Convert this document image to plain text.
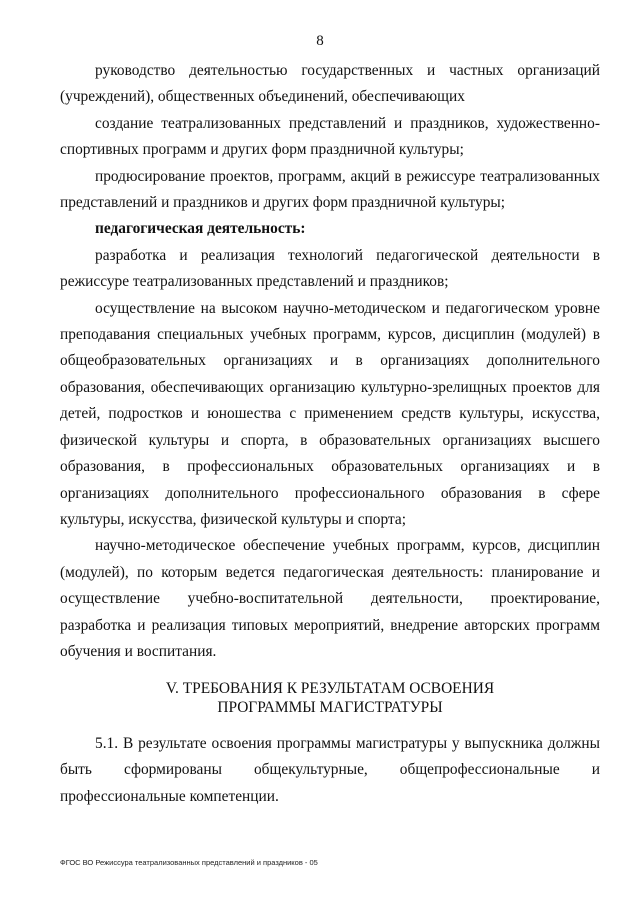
8

руководство деятельностью государственных и частных организаций (учреждений), общественных объединений, обеспечивающих

создание театрализованных представлений и праздников, художественно-спортивных программ и других форм праздничной культуры;

продюсирование проектов, программ, акций в режиссуре театрализованных представлений и праздников и других форм праздничной культуры;

педагогическая деятельность:

разработка и реализация технологий педагогической деятельности в режиссуре театрализованных представлений и праздников;

осуществление на высоком научно-методическом и педагогическом уровне преподавания специальных учебных программ, курсов, дисциплин (модулей) в общеобразовательных организациях и в организациях дополнительного образования, обеспечивающих организацию культурно-зрелищных проектов для детей, подростков и юношества с применением средств культуры, искусства, физической культуры и спорта, в образовательных организациях высшего образования, в профессиональных образовательных организациях и в организациях дополнительного профессионального образования в сфере культуры, искусства, физической культуры и спорта;

научно-методическое обеспечение учебных программ, курсов, дисциплин (модулей), по которым ведется педагогическая деятельность: планирование и осуществление учебно-воспитательной деятельности, проектирование, разработка и реализация типовых мероприятий, внедрение авторских программ обучения и воспитания.

V. ТРЕБОВАНИЯ К РЕЗУЛЬТАТАМ ОСВОЕНИЯ
ПРОГРАММЫ МАГИСТРАТУРЫ

5.1. В результате освоения программы магистратуры у выпускника должны быть сформированы общекультурные, общепрофессиональные и профессиональные компетенции.

ФГОС ВО Режиссура театрализованных представлений и праздников - 05
